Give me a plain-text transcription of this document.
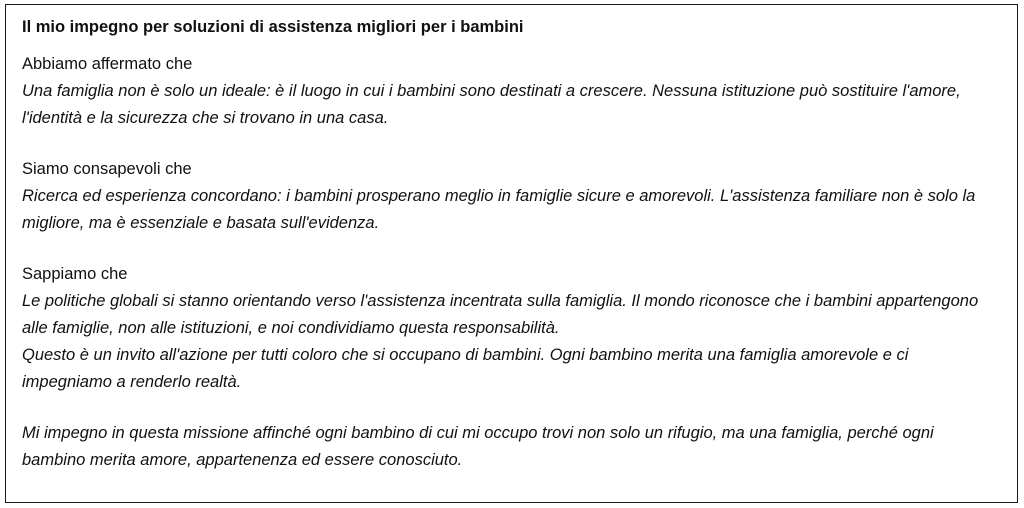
Il mio impegno per soluzioni di assistenza migliori per i bambini
Abbiamo affermato che
Una famiglia non è solo un ideale: è il luogo in cui i bambini sono destinati a crescere. Nessuna istituzione può sostituire l'amore, l'identità e la sicurezza che si trovano in una casa.
Siamo consapevoli che
Ricerca ed esperienza concordano: i bambini prosperano meglio in famiglie sicure e amorevoli. L'assistenza familiare non è solo la migliore, ma è essenziale e basata sull'evidenza.
Sappiamo che
Le politiche globali si stanno orientando verso l'assistenza incentrata sulla famiglia. Il mondo riconosce che i bambini appartengono alle famiglie, non alle istituzioni, e noi condividiamo questa responsabilità.
Questo è un invito all'azione per tutti coloro che si occupano di bambini. Ogni bambino merita una famiglia amorevole e ci impegniamo a renderlo realtà.
Mi impegno in questa missione affinché ogni bambino di cui mi occupo trovi non solo un rifugio, ma una famiglia, perché ogni bambino merita amore, appartenenza ed essere conosciuto.
